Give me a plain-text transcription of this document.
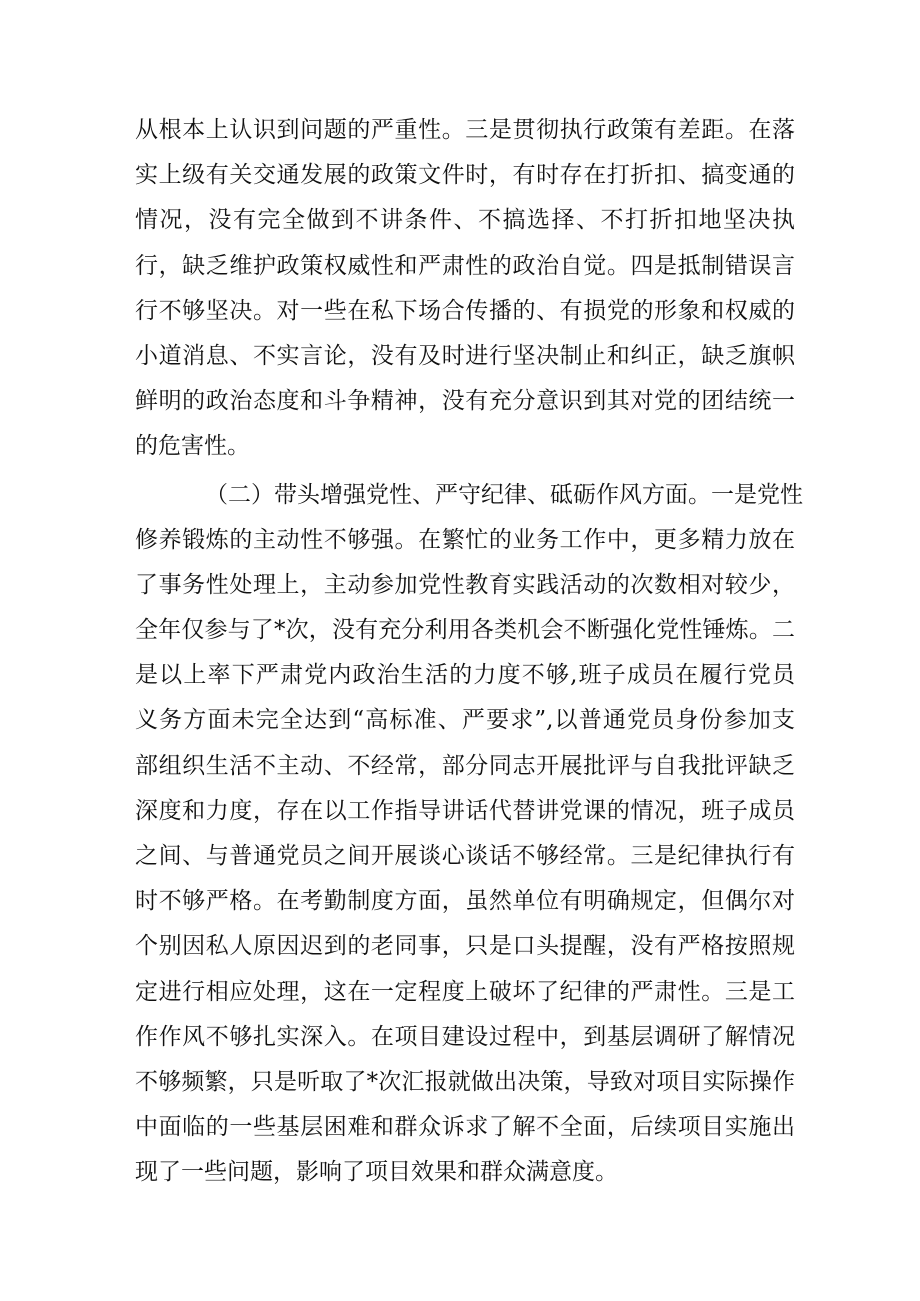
从根本上认识到问题的严重性。三是贯彻执行政策有差距。在落
实上级有关交通发展的政策文件时，有时存在打折扣、搞变通的
情况，没有完全做到不讲条件、不搞选择、不打折扣地坚决执
行，缺乏维护政策权威性和严肃性的政治自觉。四是抵制错误言
行不够坚决。对一些在私下场合传播的、有损党的形象和权威的
小道消息、不实言论，没有及时进行坚决制止和纠正，缺乏旗帜
鲜明的政治态度和斗争精神，没有充分意识到其对党的团结统一
的危害性。
（二）带头增强党性、严守纪律、砥砺作风方面。一是党性
修养锻炼的主动性不够强。在繁忙的业务工作中，更多精力放在
了事务性处理上，主动参加党性教育实践活动的次数相对较少，
全年仅参与了*次，没有充分利用各类机会不断强化党性锤炼。二
是以上率下严肃党内政治生活的力度不够,班子成员在履行党员
义务方面未完全达到“高标准、严要求”,以普通党员身份参加支
部组织生活不主动、不经常，部分同志开展批评与自我批评缺乏
深度和力度，存在以工作指导讲话代替讲党课的情况，班子成员
之间、与普通党员之间开展谈心谈话不够经常。三是纪律执行有
时不够严格。在考勤制度方面，虽然单位有明确规定，但偶尔对
个别因私人原因迟到的老同事，只是口头提醒，没有严格按照规
定进行相应处理，这在一定程度上破坏了纪律的严肃性。三是工
作作风不够扎实深入。在项目建设过程中，到基层调研了解情况
不够频繁，只是听取了*次汇报就做出决策，导致对项目实际操作
中面临的一些基层困难和群众诉求了解不全面，后续项目实施出
现了一些问题，影响了项目效果和群众满意度。
